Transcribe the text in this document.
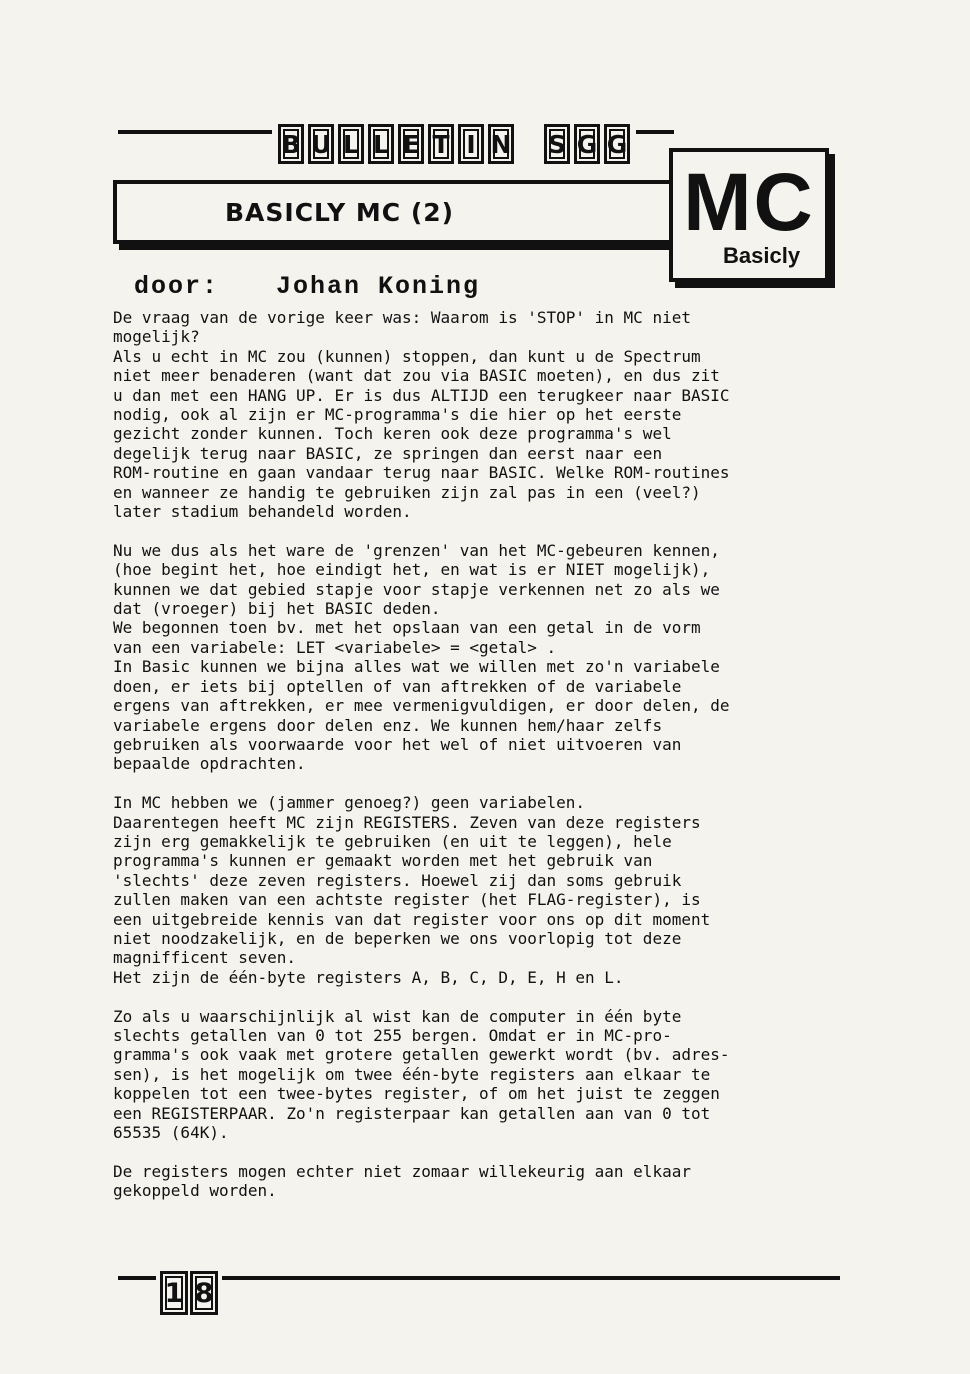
B U L L E T I N S G G
BASICLY MC (2)	MC
Basicly
door: Johan Koning

De vraag van de vorige keer was: Waarom is 'STOP' in MC niet

mogelijk?

Als u echt in MC zou (kunnen) stoppen, dan kunt u de Spectrum

niet meer benaderen (want dat zou via BASIC moeten), en dus zit

u dan met een HANG UP. Er is dus ALTIJD een terugkeer naar BASIC

nodig, ook al zijn er MC-programma's die hier op het eerste

gezicht zonder kunnen. Toch keren ook deze programma's wel

degelijk terug naar BASIC, ze springen dan eerst naar een

ROM-routine en gaan vandaar terug naar BASIC. Welke ROM-routines

en wanneer ze handig te gebruiken zijn zal pas in een (veel?)

later stadium behandeld worden.

Nu we dus als het ware de 'grenzen' van het MC-gebeuren kennen,

(hoe begint het, hoe eindigt het, en wat is er NIET mogelijk),

kunnen we dat gebied stapje voor stapje verkennen net zo als we

dat (vroeger) bij het BASIC deden.

We begonnen toen bv. met het opslaan van een getal in de vorm

van een variabele: LET <variabele> = <getal> .

In Basic kunnen we bijna alles wat we willen met zo'n variabele

doen, er iets bij optellen of van aftrekken of de variabele

ergens van aftrekken, er mee vermenigvuldigen, er door delen, de

variabele ergens door delen enz. We kunnen hem/haar zelfs

gebruiken als voorwaarde voor het wel of niet uitvoeren van

bepaalde opdrachten.

In MC hebben we (jammer genoeg?) geen variabelen.

Daarentegen heeft MC zijn REGISTERS. Zeven van deze registers

zijn erg gemakkelijk te gebruiken (en uit te leggen), hele

programma's kunnen er gemaakt worden met het gebruik van

'slechts' deze zeven registers. Hoewel zij dan soms gebruik

zullen maken van een achtste register (het FLAG-register), is

een uitgebreide kennis van dat register voor ons op dit moment

niet noodzakelijk, en de beperken we ons voorlopig tot deze

magnifficent seven.

Het zijn de één-byte registers A, B, C, D, E, H en L.

Zo als u waarschijnlijk al wist kan de computer in één byte

slechts getallen van 0 tot 255 bergen. Omdat er in MC-pro-

gramma's ook vaak met grotere getallen gewerkt wordt (bv. adres-

sen), is het mogelijk om twee één-byte registers aan elkaar te

koppelen tot een twee-bytes register, of om het juist te zeggen

een REGISTERPAAR. Zo'n registerpaar kan getallen aan van 0 tot

65535 (64K).

De registers mogen echter niet zomaar willekeurig aan elkaar

gekoppeld worden.

1 8
